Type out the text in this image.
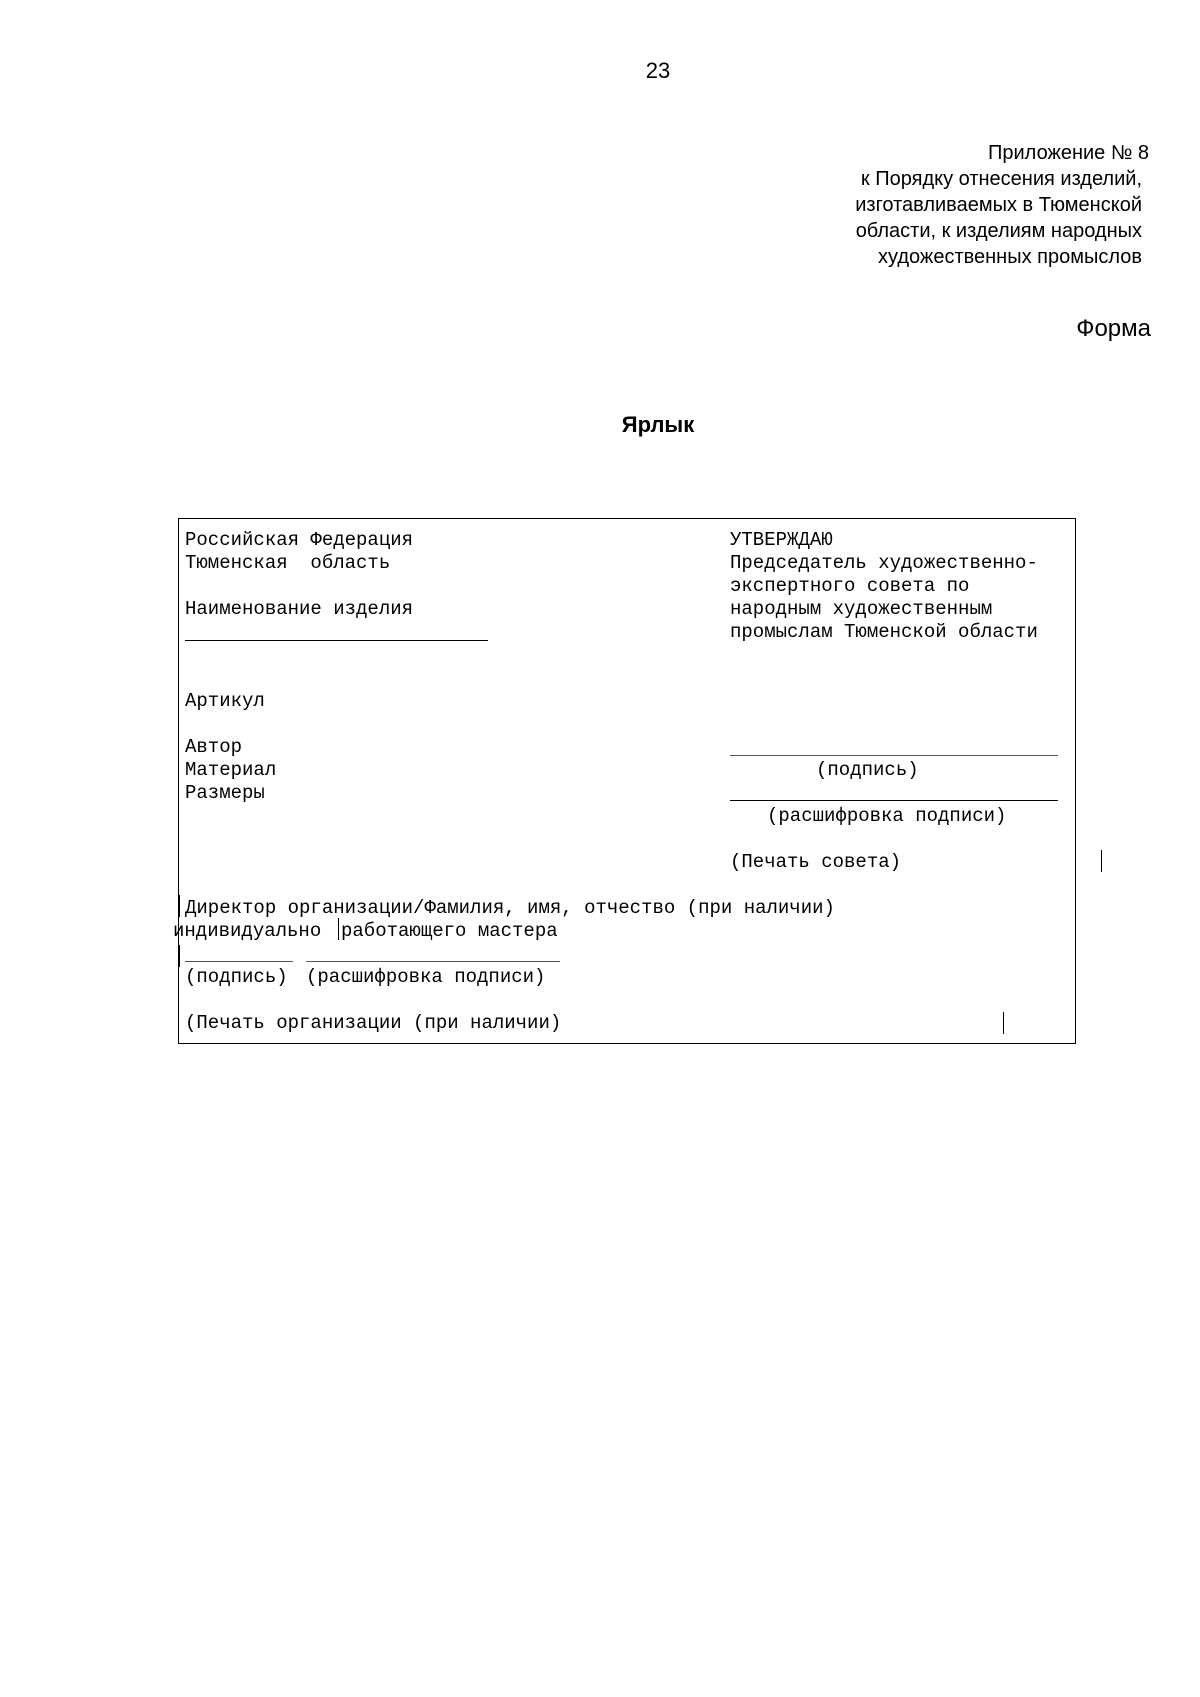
23
Приложение № 8
к Порядку отнесения изделий,
изготавливаемых в Тюменской
области, к изделиям народных
художественных промыслов
Форма
Ярлык
Российская Федерация
Тюменская  область
Наименование изделия
Артикул
Автор
Материал
Размеры
УТВЕРЖДАЮ
Председатель художественно-
экспертного совета по
народным художественным
промыслам Тюменской области
(подпись)
(расшифровка подписи)
(Печать совета)
Директор организации/Фамилия, имя, отчество (при наличии)
индивидуально работающего мастера
(подпись) (расшифровка подписи)
(Печать организации (при наличии)
